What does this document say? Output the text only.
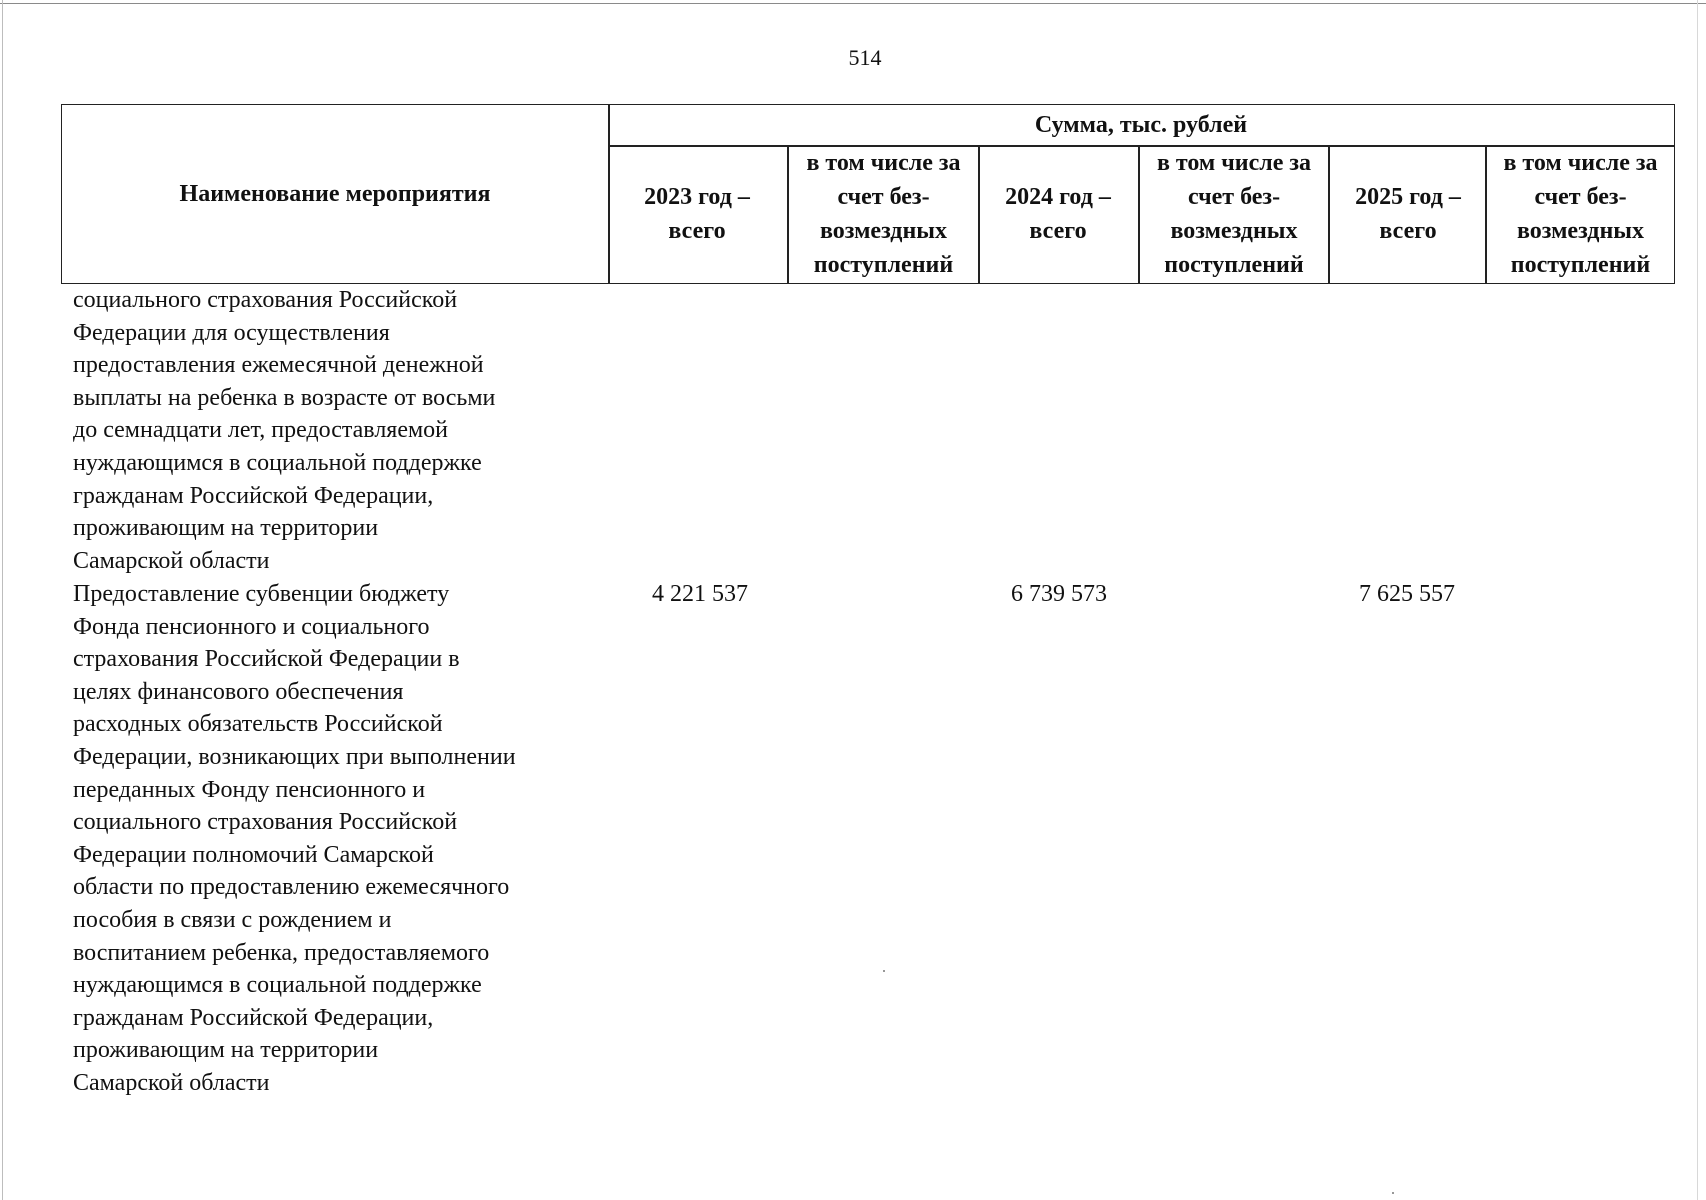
514
Наименование мероприятия
Сумма, тыс. рублей
2023 год – всего
в том числе за счет без-возмездных поступлений
2024 год – всего
в том числе за счет без-возмездных поступлений
2025 год – всего
в том числе за счет без-возмездных поступлений
социального страхования Российской
Федерации для осуществления
предоставления ежемесячной денежной
выплаты на ребенка в возрасте от восьми
до семнадцати лет, предоставляемой
нуждающимся в социальной поддержке
гражданам Российской Федерации,
проживающим на территории
Самарской области
Предоставление субвенции бюджету
Фонда пенсионного и социального
страхования Российской Федерации в
целях финансового обеспечения
расходных обязательств Российской
Федерации, возникающих при выполнении
переданных Фонду пенсионного и
социального страхования Российской
Федерации полномочий Самарской
области по предоставлению ежемесячного
пособия в связи с рождением и
воспитанием ребенка, предоставляемого
нуждающимся в социальной поддержке
гражданам Российской Федерации,
проживающим на территории
Самарской области
4 221 537	6 739 573	7 625 557
